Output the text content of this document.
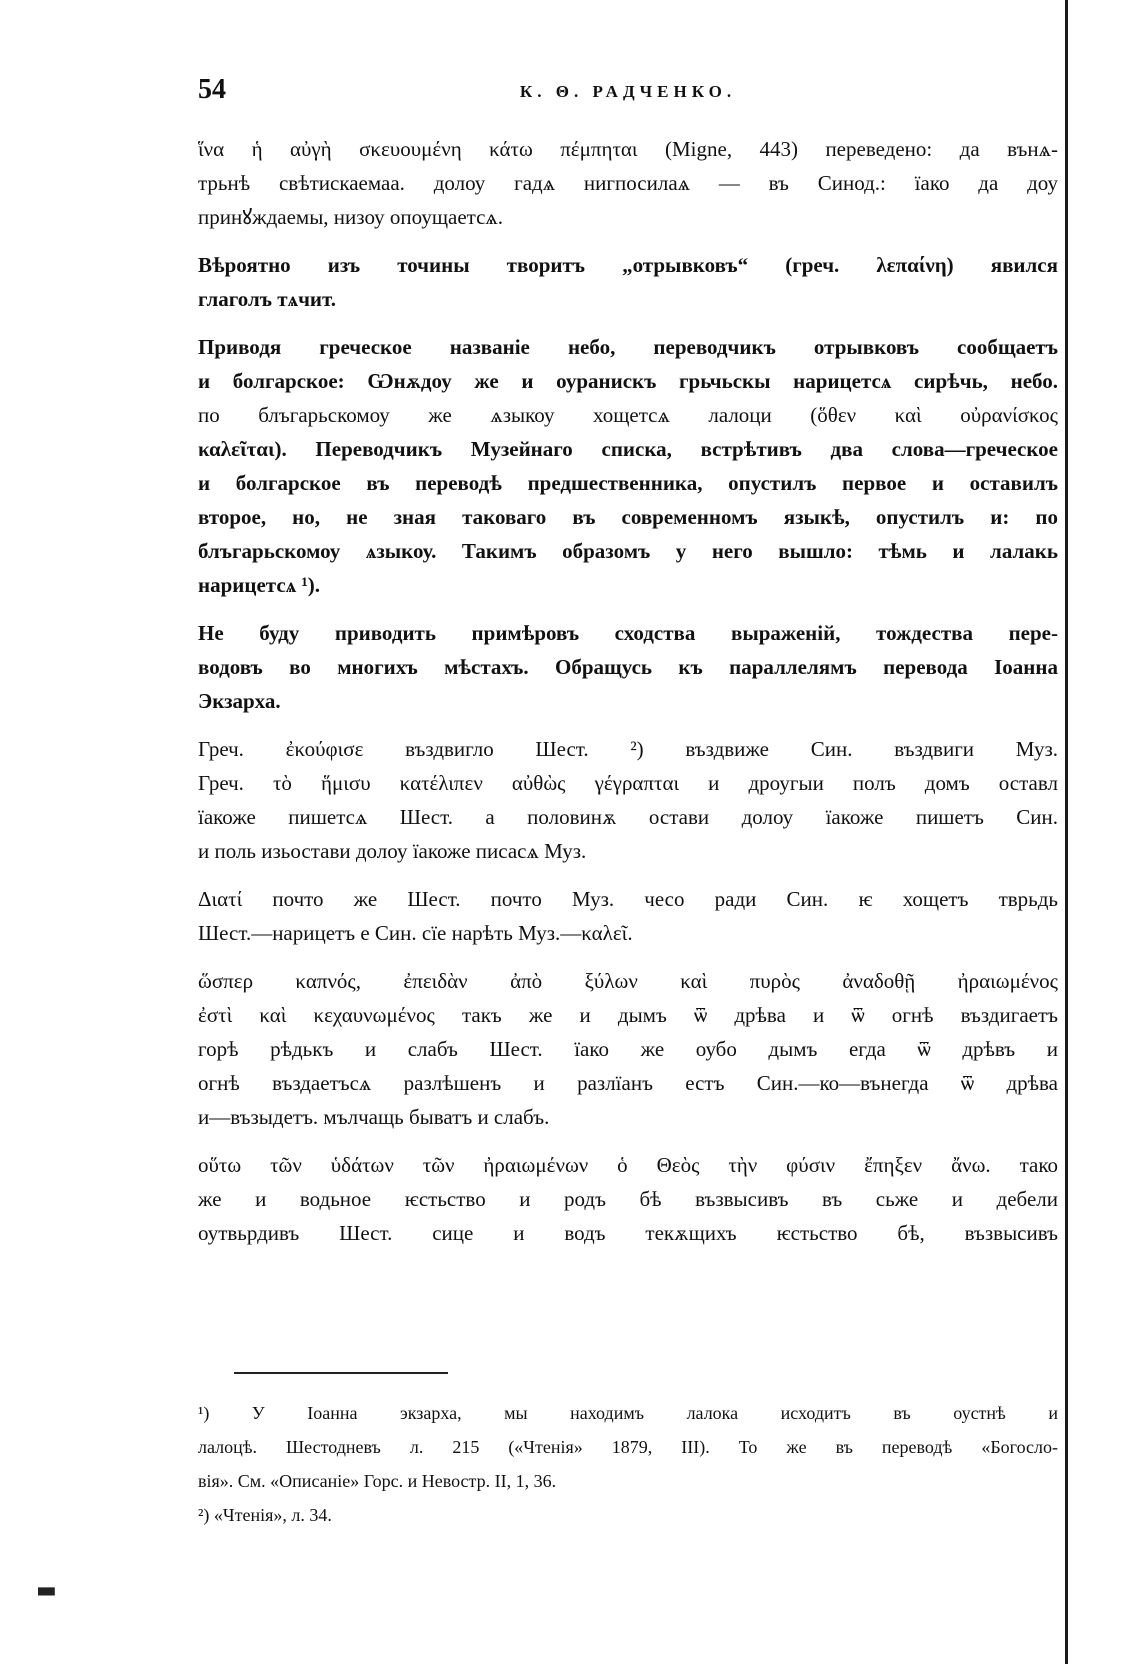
54	К. Θ. РАДЧЕНКО.
ἵνα ἡ αὐγὴ σκευουμένη κάτω πέμπηται (Migne, 443) переведено: да вънѧ-
трьнѣ свѣтискаемаа. долоу гадѧ нигпосилаѧ — въ Синод.: їако да доу
принꙋждаемы, низоу опоущаетсѧ.
Вѣроятно изъ точины творитъ „отрывковъ“ (греч. λεπαίνη) явился
глаголъ тѧчит.
Приводя греческое названіе небо, переводчикъ отрывковъ сообщаетъ
и болгарское: Ѡнѫдоу же и оуранискъ грьчьскы нарицетсѧ сирѣчь, небо.
по блъгарьскомоу же ѧзыкоу хощетсѧ лалоци (ὅθεν καὶ οὐρανίσκος
καλεῖται). Переводчикъ Музейнаго списка, встрѣтивъ два слова—греческое
и болгарское въ переводѣ предшественника, опустилъ первое и оставилъ
второе, но, не зная таковаго въ современномъ языкѣ, опустилъ и: по
блъгарьскомоу ѧзыкоу. Такимъ образомъ у него вышло: тѣмь и лалакь
нарицетсѧ ¹).
Не буду приводить примѣровъ сходства выраженій, тождества пере-
водовъ во многихъ мѣстахъ. Обращусь къ параллелямъ перевода Іоанна
Экзарха.
Греч. ἐκούφισε въздвигло Шест. ²) въздвиже Син. въздвиги Муз.
Греч. τὸ ἥμισυ κατέλιπεν αὐθὼς γέγραπται и дроугыи полъ домъ оставл
їакоже пишетсѧ Шест. а половинѫ остави долоу їакоже пишетъ Син.
и поль изьостави долоу їакоже писасѧ Муз.
Διατί почто же Шест. почто Муз. чесо ради Син. ѥ хощетъ тврьдь
Шест.—нарицетъ е Син. сїе нарѣть Муз.—καλεῖ.
ὥσπερ καπνός, ἐπειδὰν ἀπὸ ξύλων καὶ πυρὸς ἀναδοθῇ ἠραιωμένος
ἐστὶ καὶ κεχαυνωμένος такъ же и дымъ ѿ дрѣва и ѿ огнѣ въздигаетъ
горѣ рѣдькъ и слабъ Шест. їако же оубо дымъ егда ѿ дрѣвъ и
огнѣ въздаетъсѧ разлѣшенъ и разлїанъ естъ Син.—ко—вънегда ѿ дрѣва
и—възыдетъ. мълчащь быватъ и слабъ.
οὕτω τῶν ὑδάτων τῶν ἠραιωμένων ὁ Θεὸς τὴν φύσιν ἔπηξεν ἄνω. тако
же и водьное ѥстьство и родъ бѣ възвысивъ въ сьже и дебели
оутвьрдивъ Шест. сице и водъ текѫщихъ ѥстьство бѣ, възвысивъ
¹) У Іоанна экзарха, мы находимъ лалока исходитъ въ оустнѣ и
лалоцѣ. Шестодневъ л. 215 («Чтенія» 1879, III). То же въ переводѣ «Богосло-
вія». См. «Описаніе» Горс. и Невостр. II, 1, 36.
²) «Чтенія», л. 34.
▬
